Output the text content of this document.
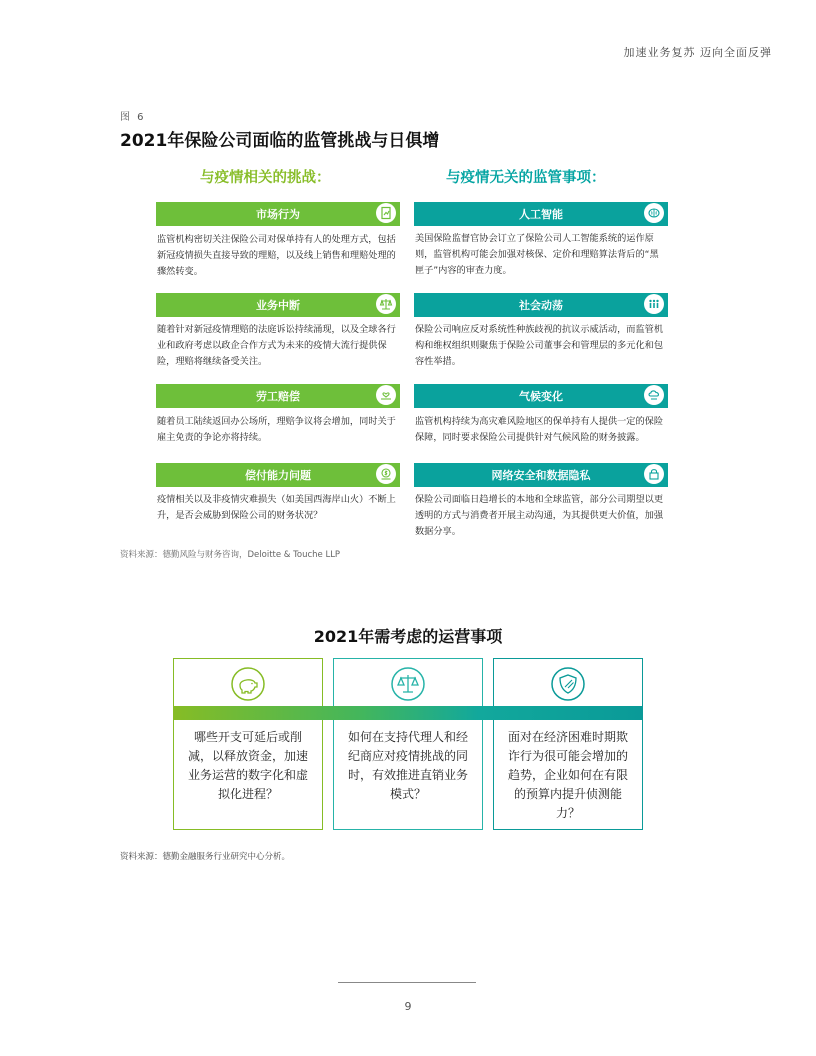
加速业务复苏 迈向全面反弹
图 6
2021年保险公司面临的监管挑战与日俱增
与疫情相关的挑战：	与疫情无关的监管事项：
市场行为
监管机构密切关注保险公司对保单持有人的处理方式，包括新冠疫情损失直接导致的理赔，以及线上销售和理赔处理的骤然转变。
业务中断
随着针对新冠疫情理赔的法庭诉讼持续涌现，以及全球各行业和政府考虑以政企合作方式为未来的疫情大流行提供保险，理赔将继续备受关注。
劳工赔偿
随着员工陆续返回办公场所，理赔争议将会增加，同时关于雇主免责的争论亦将持续。
偿付能力问题
疫情相关以及非疫情灾难损失（如美国西海岸山火）不断上升，是否会威胁到保险公司的财务状况？
人工智能
美国保险监督官协会订立了保险公司人工智能系统的运作原则，监管机构可能会加强对核保、定价和理赔算法背后的“黑匣子”内容的审查力度。
社会动荡
保险公司响应反对系统性种族歧视的抗议示威活动，而监管机构和维权组织则聚焦于保险公司董事会和管理层的多元化和包容性举措。
气候变化
监管机构持续为高灾难风险地区的保单持有人提供一定的保险保障，同时要求保险公司提供针对气候风险的财务披露。
网络安全和数据隐私
保险公司面临日趋增长的本地和全球监管，部分公司期望以更透明的方式与消费者开展主动沟通，为其提供更大价值，加强数据分享。
资料来源：德勤风险与财务咨询，Deloitte & Touche LLP
2021年需考虑的运营事项
哪些开支可延后或削减，以释放资金，加速业务运营的数字化和虚拟化进程？
如何在支持代理人和经纪商应对疫情挑战的同时，有效推进直销业务模式？
面对在经济困难时期欺诈行为很可能会增加的趋势，企业如何在有限的预算内提升侦测能力？
资料来源：德勤金融服务行业研究中心分析。
9
